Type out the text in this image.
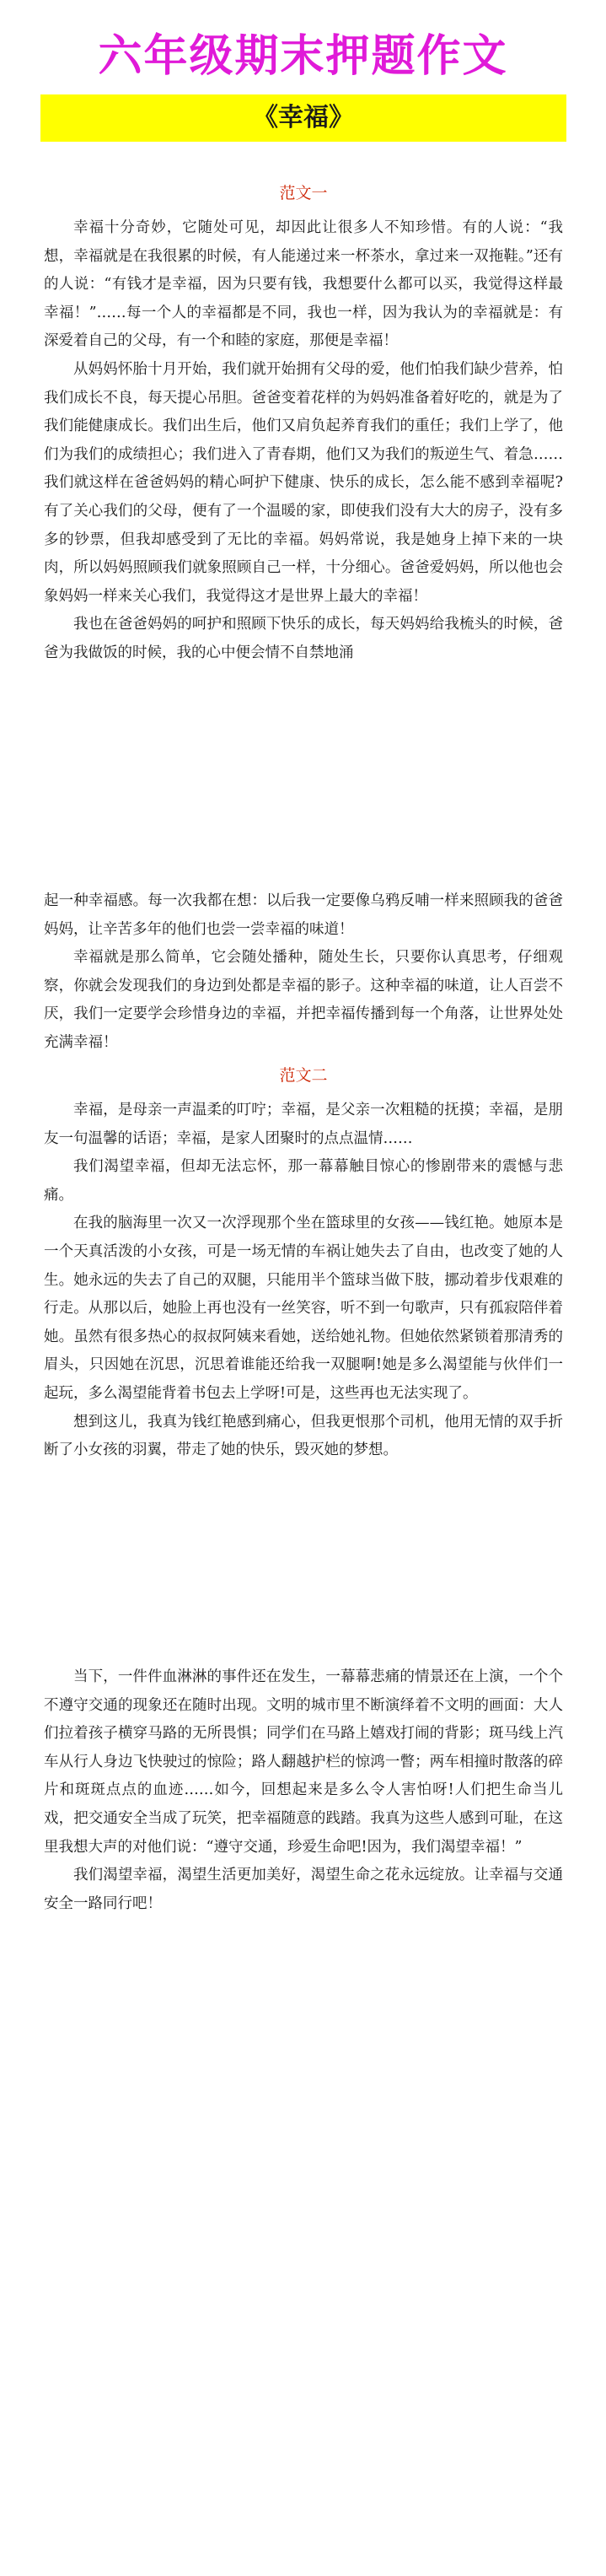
六年级期末押题作文
《幸福》
范文一

幸福十分奇妙，它随处可见，却因此让很多人不知珍惜。有的人说：“我想，幸福就是在我很累的时候，有人能递过来一杯茶水，拿过来一双拖鞋。”还有的人说：“有钱才是幸福，因为只要有钱，我想要什么都可以买，我觉得这样最幸福！”……每一个人的幸福都是不同，我也一样，因为我认为的幸福就是：有深爱着自己的父母，有一个和睦的家庭，那便是幸福！

从妈妈怀胎十月开始，我们就开始拥有父母的爱，他们怕我们缺少营养，怕我们成长不良，每天提心吊胆。爸爸变着花样的为妈妈准备着好吃的，就是为了我们能健康成长。我们出生后，他们又肩负起养育我们的重任；我们上学了，他们为我们的成绩担心；我们进入了青春期，他们又为我们的叛逆生气、着急……我们就这样在爸爸妈妈的精心呵护下健康、快乐的成长，怎么能不感到幸福呢?有了关心我们的父母，便有了一个温暖的家，即使我们没有大大的房子，没有多多的钞票，但我却感受到了无比的幸福。妈妈常说，我是她身上掉下来的一块肉，所以妈妈照顾我们就象照顾自己一样，十分细心。爸爸爱妈妈，所以他也会象妈妈一样来关心我们，我觉得这才是世界上最大的幸福！

我也在爸爸妈妈的呵护和照顾下快乐的成长，每天妈妈给我梳头的时候，爸爸为我做饭的时候，我的心中便会情不自禁地涌

起一种幸福感。每一次我都在想：以后我一定要像乌鸦反哺一样来照顾我的爸爸妈妈，让辛苦多年的他们也尝一尝幸福的味道！

幸福就是那么简单，它会随处播种，随处生长，只要你认真思考，仔细观察，你就会发现我们的身边到处都是幸福的影子。这种幸福的味道，让人百尝不厌，我们一定要学会珍惜身边的幸福，并把幸福传播到每一个角落，让世界处处充满幸福！

范文二

幸福，是母亲一声温柔的叮咛；幸福，是父亲一次粗糙的抚摸；幸福，是朋友一句温馨的话语；幸福，是家人团聚时的点点温情……

我们渴望幸福，但却无法忘怀，那一幕幕触目惊心的惨剧带来的震憾与悲痛。

在我的脑海里一次又一次浮现那个坐在篮球里的女孩——钱红艳。她原本是一个天真活泼的小女孩，可是一场无情的车祸让她失去了自由，也改变了她的人生。她永远的失去了自己的双腿，只能用半个篮球当做下肢，挪动着步伐艰难的行走。从那以后，她脸上再也没有一丝笑容，听不到一句歌声，只有孤寂陪伴着她。虽然有很多热心的叔叔阿姨来看她，送给她礼物。但她依然紧锁着那清秀的眉头，只因她在沉思，沉思着谁能还给我一双腿啊!她是多么渴望能与伙伴们一起玩，多么渴望能背着书包去上学呀!可是，这些再也无法实现了。

想到这儿，我真为钱红艳感到痛心，但我更恨那个司机，他用无情的双手折断了小女孩的羽翼，带走了她的快乐，毁灭她的梦想。

当下，一件件血淋淋的事件还在发生，一幕幕悲痛的情景还在上演，一个个不遵守交通的现象还在随时出现。文明的城市里不断演绎着不文明的画面：大人们拉着孩子横穿马路的无所畏惧；同学们在马路上嬉戏打闹的背影；斑马线上汽车从行人身边飞快驶过的惊险；路人翻越护栏的惊鸿一瞥；两车相撞时散落的碎片和斑斑点点的血迹……如今，回想起来是多么令人害怕呀!人们把生命当儿戏，把交通安全当成了玩笑，把幸福随意的践踏。我真为这些人感到可耻，在这里我想大声的对他们说：“遵守交通，珍爱生命吧!因为，我们渴望幸福！”

我们渴望幸福，渴望生活更加美好，渴望生命之花永远绽放。让幸福与交通安全一路同行吧！
